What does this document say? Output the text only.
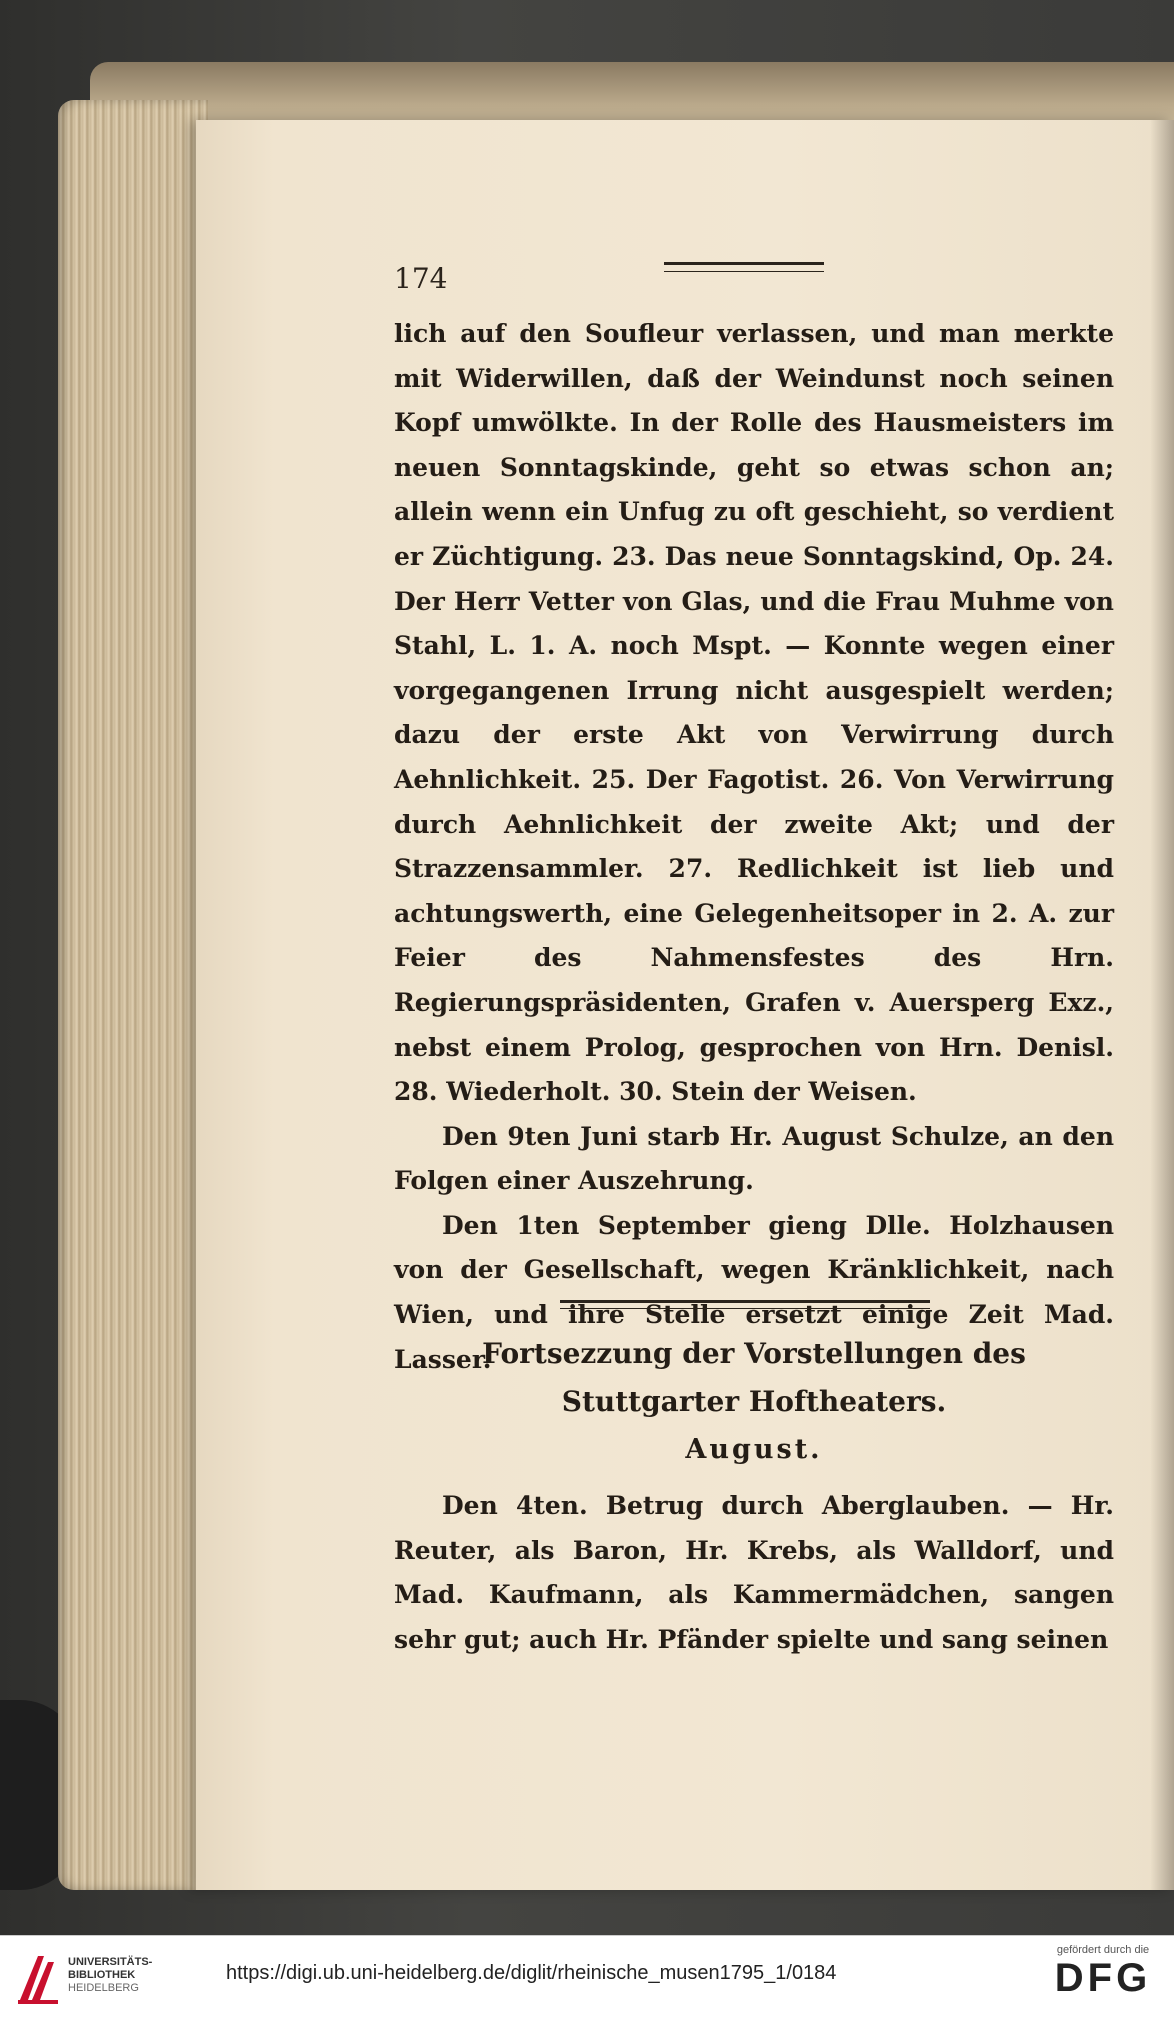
174

lich auf den Soufleur verlassen, und man merkte mit Widerwillen, daß der Weindunst noch seinen Kopf umwölkte. In der Rolle des Hausmeisters im neuen Sonntagskinde, geht so etwas schon an; allein wenn ein Unfug zu oft geschieht, so verdient er Züchtigung. 23. Das neue Sonntagskind, Op. 24. Der Herr Vetter von Glas, und die Frau Muhme von Stahl, L. 1. A. noch Mspt. — Konnte wegen einer vorgegangenen Irrung nicht ausgespielt werden; dazu der erste Akt von Verwirrung durch Aehnlichkeit. 25. Der Fagotist. 26. Von Verwirrung durch Aehnlichkeit der zweite Akt; und der Strazzensammler. 27. Redlichkeit ist lieb und achtungswerth, eine Gelegenheitsoper in 2. A. zur Feier des Nahmensfestes des Hrn. Regierungspräsidenten, Grafen v. Auersperg Exz., nebst einem Prolog, gesprochen von Hrn. Denisl. 28. Wiederholt. 30. Stein der Weisen.

Den 9ten Juni starb Hr. August Schulze, an den Folgen einer Auszehrung.

Den 1ten September gieng Dlle. Holzhausen von der Gesellschaft, wegen Kränklichkeit, nach Wien, und ihre Stelle ersetzt einige Zeit Mad. Lasser.

Fortsezzung der Vorstellungen des Stuttgarter Hoftheaters.
August.

Den 4ten. Betrug durch Aberglauben. — Hr. Reuter, als Baron, Hr. Krebs, als Walldorf, und Mad. Kaufmann, als Kammermädchen, sangen sehr gut; auch Hr. Pfänder spielte und sang seinen

UNIVERSITÄTS-
BIBLIOTHEK
HEIDELBERG
https://digi.ub.uni-heidelberg.de/diglit/rheinische_musen1795_1/0184
gefördert durch die
DFG
